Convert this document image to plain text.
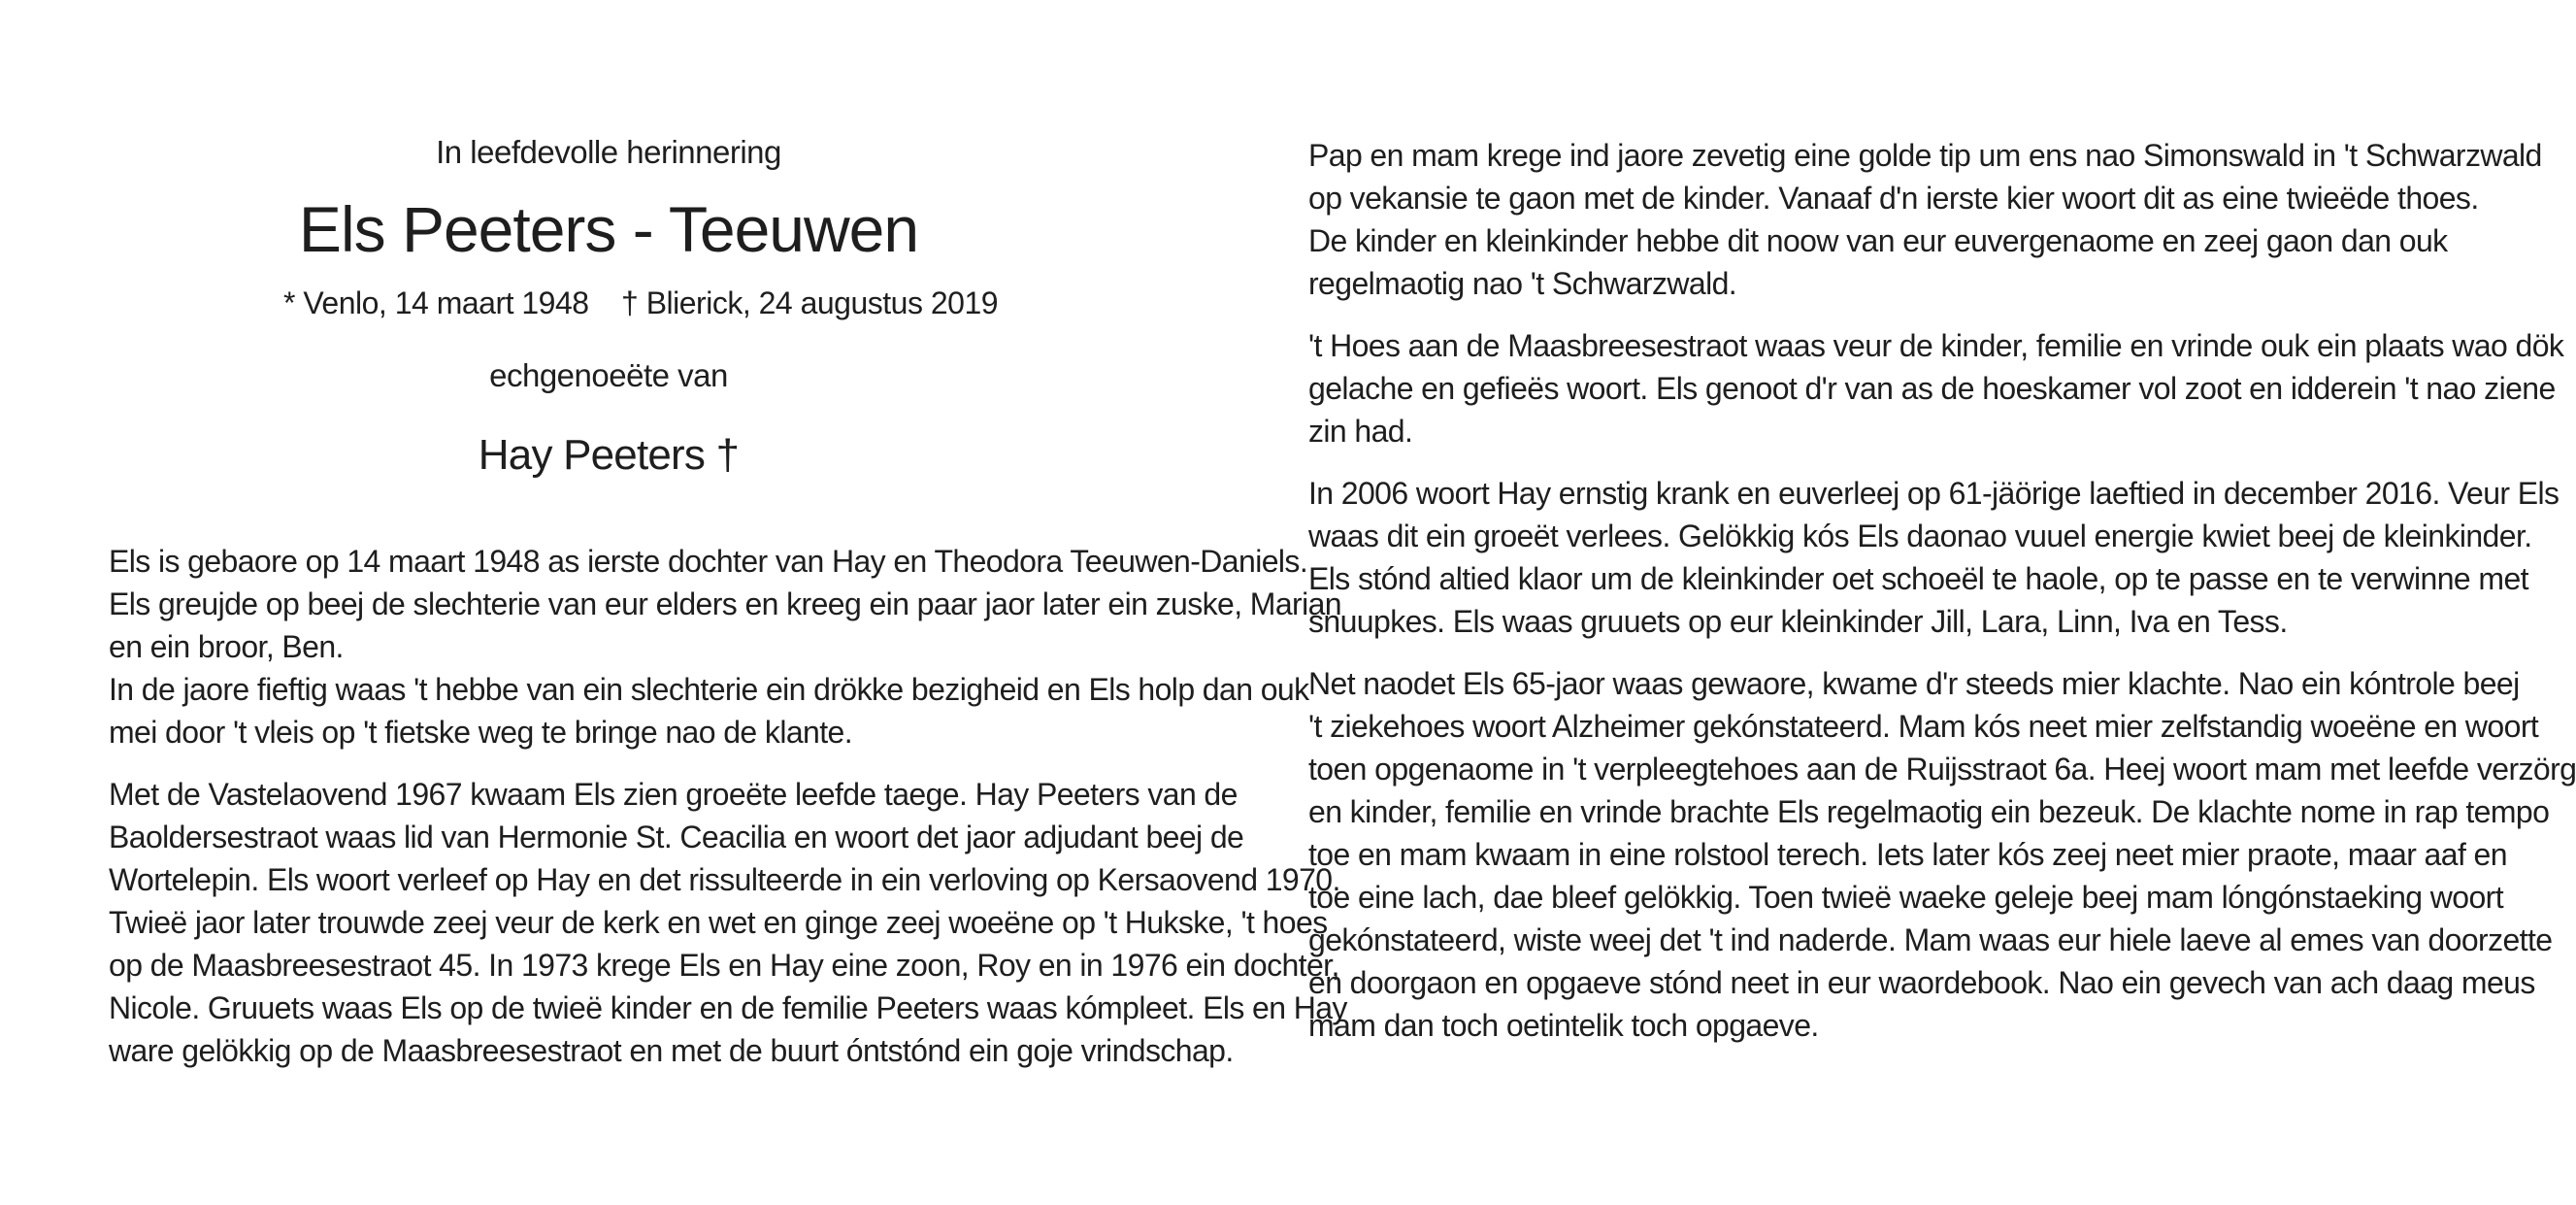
In leefdevolle herinnering
Els Peeters - Teeuwen
* Venlo, 14 maart 1948 † Blierick, 24 augustus 2019
echgenoeëte van
Hay Peeters †

Els is gebaore op 14 maart 1948 as ierste dochter van Hay en Theodora Teeuwen-Daniels.
Els greujde op beej de slechterie van eur elders en kreeg ein paar jaor later ein zuske, Marian
en ein broor, Ben.
In de jaore fieftig waas 't hebbe van ein slechterie ein drökke bezigheid en Els holp dan ouk
mei door 't vleis op 't fietske weg te bringe nao de klante.

Met de Vastelaovend 1967 kwaam Els zien groeëte leefde taege. Hay Peeters van de
Baoldersestraot waas lid van Hermonie St. Ceacilia en woort det jaor adjudant beej de
Wortelepin. Els woort verleef op Hay en det rissulteerde in ein verloving op Kersaovend 1970.
Twieë jaor later trouwde zeej veur de kerk en wet en ginge zeej woeëne op 't Hukske, 't hoes
op de Maasbreesestraot 45. In 1973 krege Els en Hay eine zoon, Roy en in 1976 ein dochter,
Nicole. Gruuets waas Els op de twieë kinder en de femilie Peeters waas kómpleet. Els en Hay
ware gelökkig op de Maasbreesestraot en met de buurt óntstónd ein goje vrindschap.

Pap en mam krege ind jaore zevetig eine golde tip um ens nao Simonswald in 't Schwarzwald
op vekansie te gaon met de kinder. Vanaaf d'n ierste kier woort dit as eine twieëde thoes.
De kinder en kleinkinder hebbe dit noow van eur euvergenaome en zeej gaon dan ouk
regelmaotig nao 't Schwarzwald.

't Hoes aan de Maasbreesestraot waas veur de kinder, femilie en vrinde ouk ein plaats wao dök
gelache en gefieës woort. Els genoot d'r van as de hoeskamer vol zoot en idderein 't nao ziene
zin had.

In 2006 woort Hay ernstig krank en euverleej op 61-jäörige laeftied in december 2016. Veur Els
waas dit ein groeët verlees. Gelökkig kós Els daonao vuuel energie kwiet beej de kleinkinder.
Els stónd altied klaor um de kleinkinder oet schoeël te haole, op te passe en te verwinne met
snuupkes. Els waas gruuets op eur kleinkinder Jill, Lara, Linn, Iva en Tess.

Net naodet Els 65-jaor waas gewaore, kwame d'r steeds mier klachte. Nao ein kóntrole beej
't ziekehoes woort Alzheimer gekónstateerd. Mam kós neet mier zelfstandig woeëne en woort
toen opgenaome in 't verpleegtehoes aan de Ruijsstraot 6a. Heej woort mam met leefde verzörg
en kinder, femilie en vrinde brachte Els regelmaotig ein bezeuk. De klachte nome in rap tempo
toe en mam kwaam in eine rolstool terech. Iets later kós zeej neet mier praote, maar aaf en
toe eine lach, dae bleef gelökkig. Toen twieë waeke geleje beej mam lóngónstaeking woort
gekónstateerd, wiste weej det 't ind naderde. Mam waas eur hiele laeve al emes van doorzette
en doorgaon en opgaeve stónd neet in eur waordebook. Nao ein gevech van ach daag meus
mam dan toch oetintelik toch opgaeve.
